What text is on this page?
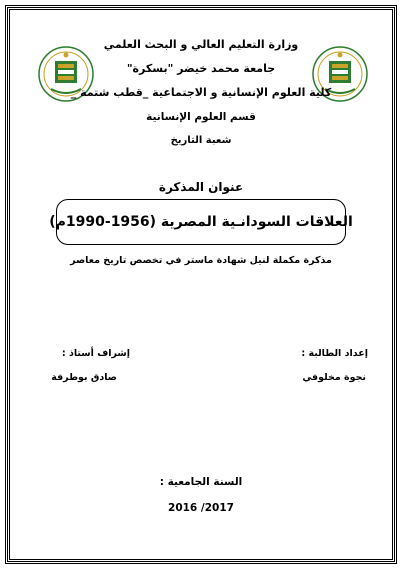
وزارة التعليم العالي و البحث العلمي
جامعة محمد خيضر "بسكرة"
كلية العلوم الإنسانية و الاجتماعية _قطب شتمة _
قسم العلوم الإنسانية
شعبة التاريخ
عنوان المذكرة
العلاقات السودانـية المصرية (1956-1990م)
مذكرة مكملة لنيل شهادة ماستر في تخصص تاريخ معاصر
إعداد الطالبة :
نجوة مخلوفي
إشراف أستاذ :
صادق بوطرفة
السنة الجامعية :
2017/ 2016
